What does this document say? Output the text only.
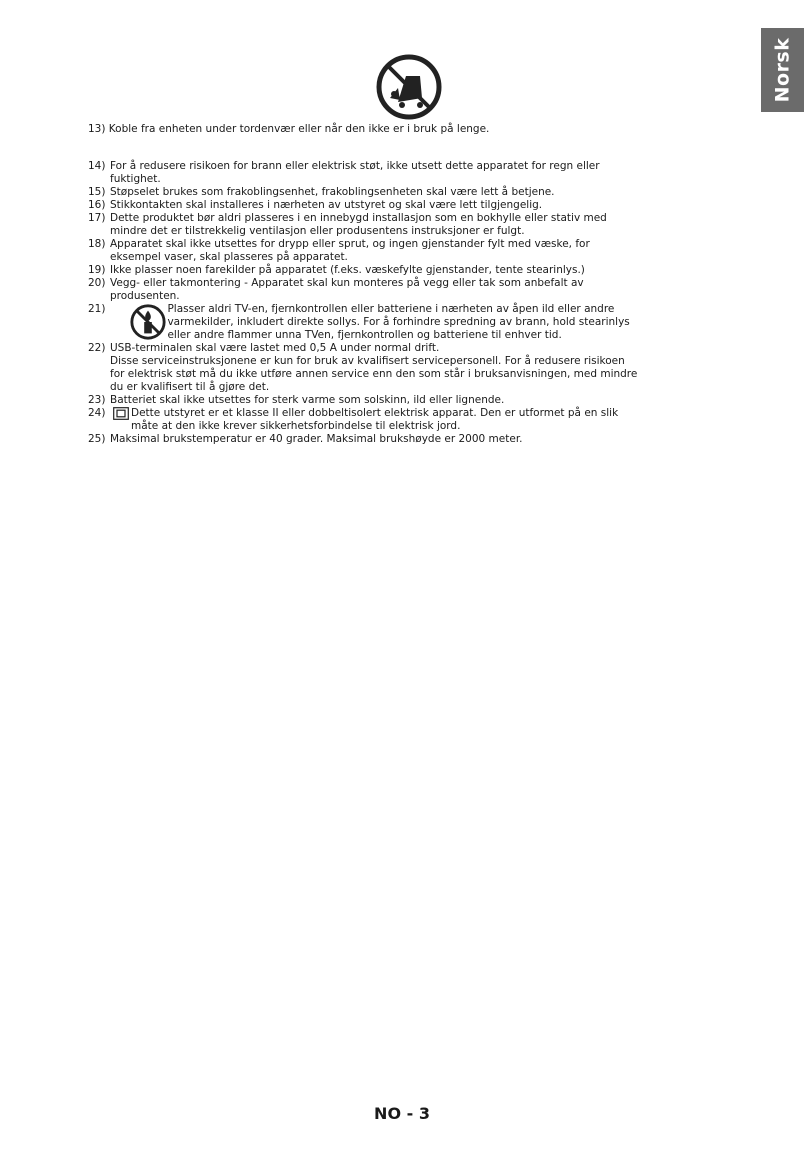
Norsk
13) Koble fra enheten under tordenvær eller når den ikke er i bruk på lenge.
14) For å redusere risikoen for brann eller elektrisk støt, ikke utsett dette apparatet for regn eller
fuktighet.
15) Støpselet brukes som frakoblingsenhet, frakoblingsenheten skal være lett å betjene.
16) Stikkontakten skal installeres i nærheten av utstyret og skal være lett tilgjengelig.
17) Dette produktet bør aldri plasseres i en innebygd installasjon som en bokhylle eller stativ med
mindre det er tilstrekkelig ventilasjon eller produsentens instruksjoner er fulgt.
18) Apparatet skal ikke utsettes for drypp eller sprut, og ingen gjenstander fylt med væske, for
eksempel vaser, skal plasseres på apparatet.
19) Ikke plasser noen farekilder på apparatet (f.eks. væskefylte gjenstander, tente stearinlys.)
20) Vegg- eller takmontering - Apparatet skal kun monteres på vegg eller tak som anbefalt av
produsenten.
21)	Plasser aldri TV-en, fjernkontrollen eller batteriene i nærheten av åpen ild eller andre
varmekilder, inkludert direkte sollys. For å forhindre spredning av brann, hold stearinlys
eller andre flammer unna TVen, fjernkontrollen og batteriene til enhver tid.
22) USB-terminalen skal være lastet med 0,5 A under normal drift.
Disse serviceinstruksjonene er kun for bruk av kvalifisert servicepersonell. For å redusere risikoen
for elektrisk støt må du ikke utføre annen service enn den som står i bruksanvisningen, med mindre
du er kvalifisert til å gjøre det.
23) Batteriet skal ikke utsettes for sterk varme som solskinn, ild eller lignende.
24)	Dette utstyret er et klasse II eller dobbeltisolert elektrisk apparat. Den er utformet på en slik
måte at den ikke krever sikkerhetsforbindelse til elektrisk jord.
25) Maksimal brukstemperatur er 40 grader. Maksimal brukshøyde er 2000 meter.
NO - 3
